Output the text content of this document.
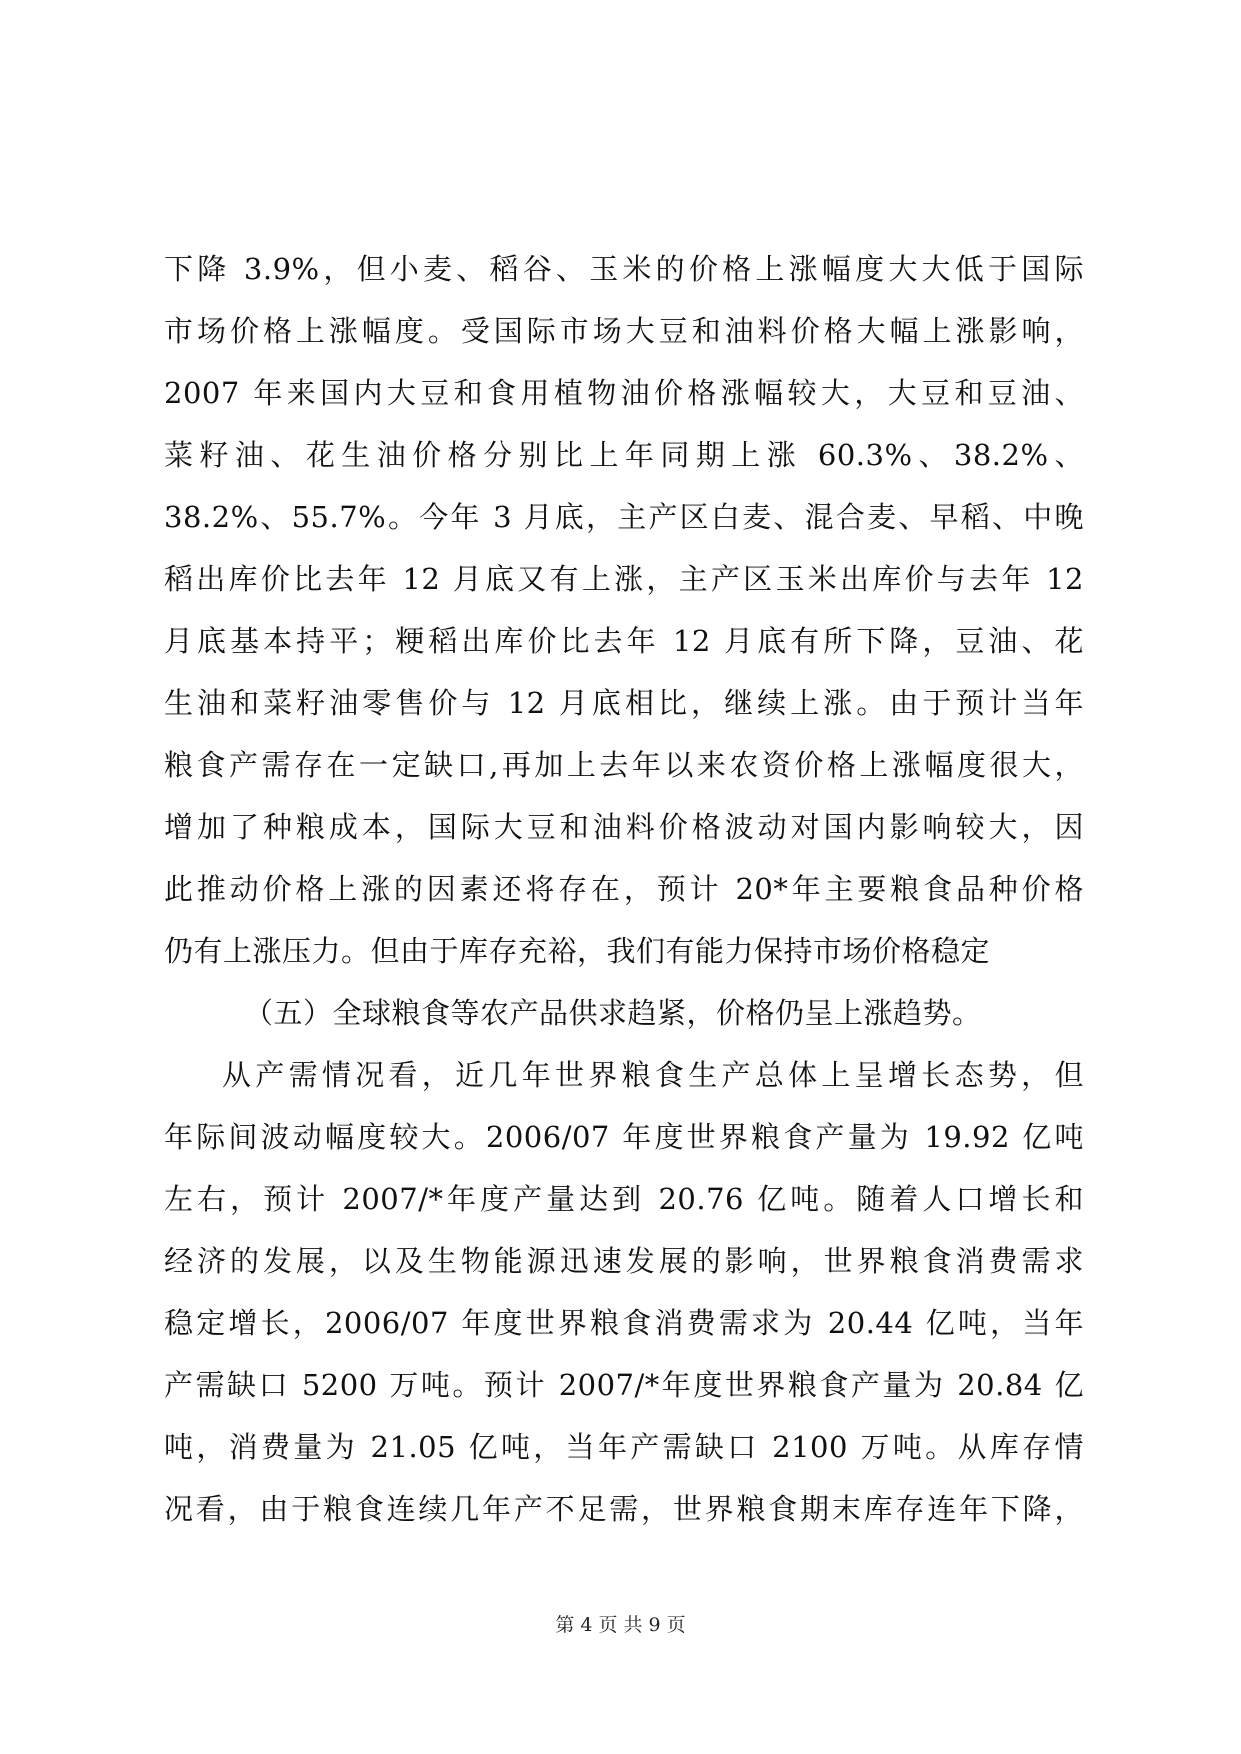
下降 3.9%，但小麦、稻谷、玉米的价格上涨幅度大大低于国际
市场价格上涨幅度。受国际市场大豆和油料价格大幅上涨影响，
2007 年来国内大豆和食用植物油价格涨幅较大，大豆和豆油、
菜籽油、花生油价格分别比上年同期上涨 60.3%、38.2%、
38.2%、55.7%。今年 3 月底，主产区白麦、混合麦、早稻、中晚
稻出库价比去年 12 月底又有上涨，主产区玉米出库价与去年 12
月底基本持平；粳稻出库价比去年 12 月底有所下降，豆油、花
生油和菜籽油零售价与 12 月底相比，继续上涨。由于预计当年
粮食产需存在一定缺口,再加上去年以来农资价格上涨幅度很大，
增加了种粮成本，国际大豆和油料价格波动对国内影响较大，因
此推动价格上涨的因素还将存在，预计 20*年主要粮食品种价格
仍有上涨压力。但由于库存充裕，我们有能力保持市场价格稳定
（五）全球粮食等农产品供求趋紧，价格仍呈上涨趋势。
从产需情况看，近几年世界粮食生产总体上呈增长态势，但
年际间波动幅度较大。2006/07 年度世界粮食产量为 19.92 亿吨
左右，预计 2007/*年度产量达到 20.76 亿吨。随着人口增长和
经济的发展，以及生物能源迅速发展的影响，世界粮食消费需求
稳定增长，2006/07 年度世界粮食消费需求为 20.44 亿吨，当年
产需缺口 5200 万吨。预计 2007/*年度世界粮食产量为 20.84 亿
吨，消费量为 21.05 亿吨，当年产需缺口 2100 万吨。从库存情
况看，由于粮食连续几年产不足需，世界粮食期末库存连年下降，
第 4 页 共 9 页
